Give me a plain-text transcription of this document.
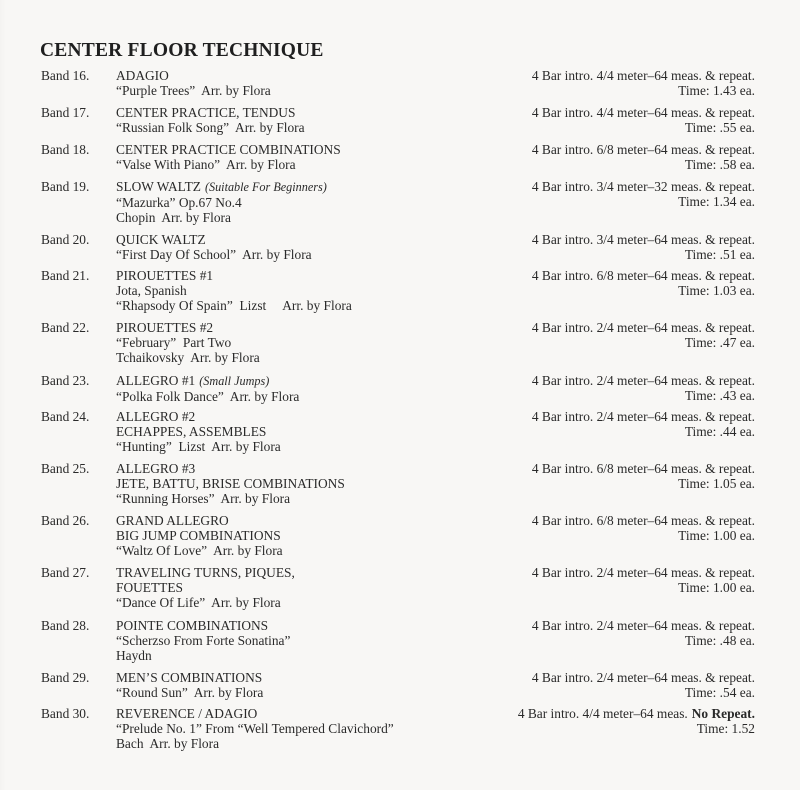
CENTER FLOOR TECHNIQUE
Band 16. ADAGIO
“Purple Trees”  Arr. by Flora
4 Bar intro. 4/4 meter–64 meas. & repeat.
Time: 1.43 ea.
Band 17. CENTER PRACTICE, TENDUS
“Russian Folk Song”  Arr. by Flora
4 Bar intro. 4/4 meter–64 meas. & repeat.
Time: .55 ea.
Band 18. CENTER PRACTICE COMBINATIONS
“Valse With Piano”  Arr. by Flora
4 Bar intro. 6/8 meter–64 meas. & repeat.
Time: .58 ea.
Band 19. SLOW WALTZ (Suitable For Beginners)
“Mazurka” Op.67 No.4
Chopin  Arr. by Flora
4 Bar intro. 3/4 meter–32 meas. & repeat.
Time: 1.34 ea.
Band 20. QUICK WALTZ
“First Day Of School”  Arr. by Flora
4 Bar intro. 3/4 meter–64 meas. & repeat.
Time: .51 ea.
Band 21. PIROUETTES #1
Jota, Spanish
“Rhapsody Of Spain”  Lizst     Arr. by Flora
4 Bar intro. 6/8 meter–64 meas. & repeat.
Time: 1.03 ea.
Band 22. PIROUETTES #2
“February”  Part Two
Tchaikovsky  Arr. by Flora
4 Bar intro. 2/4 meter–64 meas. & repeat.
Time: .47 ea.
Band 23. ALLEGRO #1 (Small Jumps)
“Polka Folk Dance”  Arr. by Flora
4 Bar intro. 2/4 meter–64 meas. & repeat.
Time: .43 ea.
Band 24. ALLEGRO #2
ECHAPPES, ASSEMBLES
“Hunting”  Lizst  Arr. by Flora
4 Bar intro. 2/4 meter–64 meas. & repeat.
Time: .44 ea.
Band 25. ALLEGRO #3
JETE, BATTU, BRISE COMBINATIONS
“Running Horses”  Arr. by Flora
4 Bar intro. 6/8 meter–64 meas. & repeat.
Time: 1.05 ea.
Band 26. GRAND ALLEGRO
BIG JUMP COMBINATIONS
“Waltz Of Love”  Arr. by Flora
4 Bar intro. 6/8 meter–64 meas. & repeat.
Time: 1.00 ea.
Band 27. TRAVELING TURNS, PIQUES,
FOUETTES
“Dance Of Life”  Arr. by Flora
4 Bar intro. 2/4 meter–64 meas. & repeat.
Time: 1.00 ea.
Band 28. POINTE COMBINATIONS
“Scherzso From Forte Sonatina”
Haydn
4 Bar intro. 2/4 meter–64 meas. & repeat.
Time: .48 ea.
Band 29. MEN’S COMBINATIONS
“Round Sun”  Arr. by Flora
4 Bar intro. 2/4 meter–64 meas. & repeat.
Time: .54 ea.
Band 30. REVERENCE / ADAGIO
“Prelude No. 1” From “Well Tempered Clavichord”
Bach  Arr. by Flora
4 Bar intro. 4/4 meter–64 meas. No Repeat.
Time: 1.52
